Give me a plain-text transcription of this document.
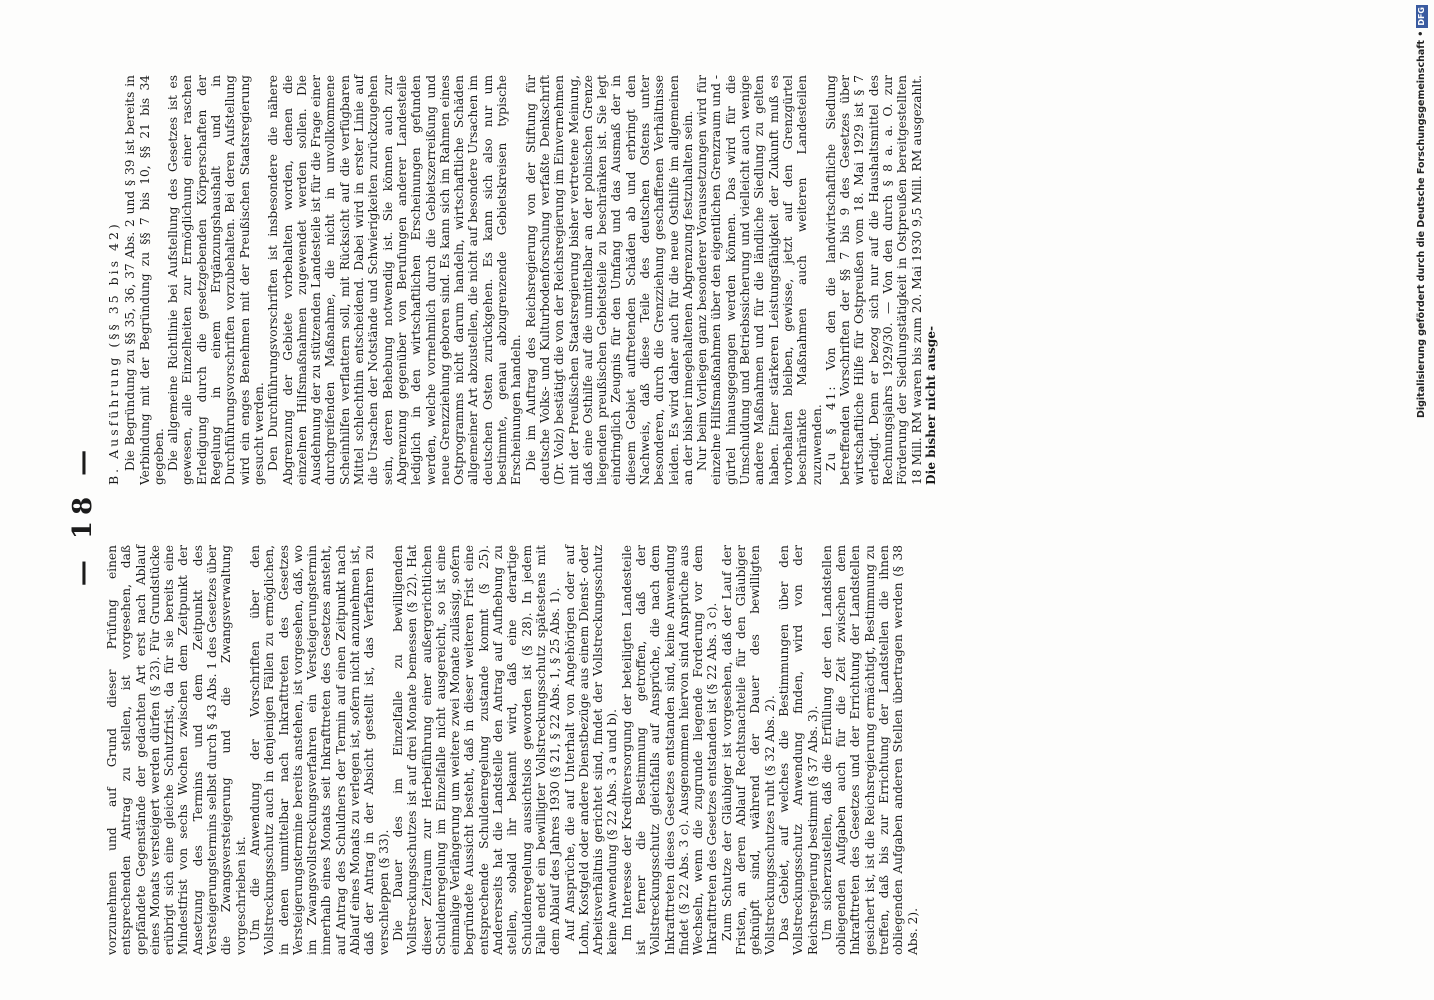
— 18 —

vorzunehmen und auf Grund dieser Prüfung einen entsprechenden Antrag zu stellen, ist vorgesehen, daß gepfändete Gegenstände der gedachten Art erst nach Ablauf eines Monats versteigert werden dürfen (§ 23). Für Grundstücke erübrigt sich eine gleiche Schutzfrist, da für sie bereits eine Mindestfrist von sechs Wochen zwischen dem Zeitpunkt der Ansetzung des Termins und dem Zeitpunkt des Versteigerungstermins selbst durch § 43 Abs. 1 des Gesetzes über die Zwangsversteigerung und die Zwangsverwaltung vorgeschrieben ist. Um die Anwendung der Vorschriften über den Vollstreckungsschutz auch in denjenigen Fällen zu ermöglichen, in denen unmittelbar nach Inkrafttreten des Gesetzes Versteigerungstermine bereits anstehen, ist vorgesehen, daß, wo im Zwangsvollstreckungsverfahren ein Versteigerungstermin innerhalb eines Monats seit Inkrafttreten des Gesetzes ansteht, auf Antrag des Schuldners der Termin auf einen Zeitpunkt nach Ablauf eines Monats zu verlegen ist, sofern nicht anzunehmen ist, daß der Antrag in der Absicht gestellt ist, das Verfahren zu verschleppen (§ 33). Die Dauer des im Einzelfalle zu bewilligenden Vollstreckungsschutzes ist auf drei Monate bemessen (§ 22). Hat dieser Zeitraum zur Herbeiführung einer außergerichtlichen Schuldenregelung im Einzelfalle nicht ausgereicht, so ist eine einmalige Verlängerung um weitere zwei Monate zulässig, sofern begründete Aussicht besteht, daß in dieser weiteren Frist eine entsprechende Schuldenregelung zustande kommt (§ 25). Andererseits hat die Landstelle den Antrag auf Aufhebung zu stellen, sobald ihr bekannt wird, daß eine derartige Schuldenregelung aussichtslos geworden ist (§ 28). In jedem Falle endet ein bewilligter Vollstreckungsschutz spätestens mit dem Ablauf des Jahres 1930 (§ 21, § 22 Abs. 1, § 25 Abs. 1). Auf Ansprüche, die auf Unterhalt von Angehörigen oder auf Lohn, Kostgeld oder andere Dienstbezüge aus einem Dienst- oder Arbeitsverhältnis gerichtet sind, findet der Vollstreckungsschutz keine Anwendung (§ 22 Abs. 3 a und b). Im Interesse der Kreditversorgung der beteiligten Landesteile ist ferner die Bestimmung getroffen, daß der Vollstreckungsschutz gleichfalls auf Ansprüche, die nach dem Inkrafttreten dieses Gesetzes entstanden sind, keine Anwendung findet (§ 22 Abs. 3 c). Ausgenommen hiervon sind Ansprüche aus Wechseln, wenn die zugrunde liegende Forderung vor dem Inkrafttreten des Gesetzes entstanden ist (§ 22 Abs. 3 c). Zum Schutze der Gläubiger ist vorgesehen, daß der Lauf der Fristen, an deren Ablauf Rechtsnachteile für den Gläubiger geknüpft sind, während der Dauer des bewilligten Vollstreckungsschutzes ruht (§ 32 Abs. 2). Das Gebiet, auf welches die Bestimmungen über den Vollstreckungsschutz Anwendung finden, wird von der Reichsregierung bestimmt (§ 37 Abs. 3). Um sicherzustellen, daß die Erfüllung der den Landstellen obliegenden Aufgaben auch für die Zeit zwischen dem Inkrafttreten des Gesetzes und der Errichtung der Landstellen gesichert ist, ist die Reichsregierung ermächtigt, Bestimmung zu treffen, daß bis zur Errichtung der Landstellen die ihnen obliegenden Aufgaben anderen Stellen übertragen werden (§ 38 Abs. 2).

B. Ausführung (§§ 35 bis 42) Die Begründung zu §§ 35, 36, 37 Abs. 2 und § 39 ist bereits in Verbindung mit der Begründung zu §§ 7 bis 10, §§ 21 bis 34 gegeben. Die allgemeine Richtlinie bei Aufstellung des Gesetzes ist es gewesen, alle Einzelheiten zur Ermöglichung einer raschen Erledigung durch die gesetzgebenden Körperschaften der Regelung in einem Ergänzungshaushalt und in Durchführungsvorschriften vorzubehalten. Bei deren Aufstellung wird ein enges Benehmen mit der Preußischen Staatsregierung gesucht werden. Den Durchführungsvorschriften ist insbesondere die nähere Abgrenzung der Gebiete vorbehalten worden, denen die einzelnen Hilfsmaßnahmen zugewendet werden sollen. Die Ausdehnung der zu stützenden Landesteile ist für die Frage einer durchgreifenden Maßnahme, die nicht in unvollkommene Scheinhilfen verflattern soll, mit Rücksicht auf die verfügbaren Mittel schlechthin entscheidend. Dabei wird in erster Linie auf die Ursachen der Notstände und Schwierigkeiten zurückzugehen sein, deren Behebung notwendig ist. Sie können auch zur Abgrenzung gegenüber von Berufungen anderer Landesteile lediglich in den wirtschaftlichen Erscheinungen gefunden werden, welche vornehmlich durch die Gebietszerreißung und neue Grenzziehung geboren sind. Es kann sich im Rahmen eines Ostprogramms nicht darum handeln, wirtschaftliche Schäden allgemeiner Art abzustellen, die nicht auf besondere Ursachen im deutschen Osten zurückgehen. Es kann sich also nur um bestimmte, genau abzugrenzende Gebietskreisen typische Erscheinungen handeln. Die im Auftrag des Reichsregierung von der Stiftung für deutsche Volks- und Kulturbodenforschung verfaßte Denkschrift (Dr. Volz) bestätigt die von der Reichsregierung im Einvernehmen mit der Preußischen Staatsregierung bisher vertretene Meinung, daß eine Osthilfe auf die unmittelbar an der polnischen Grenze liegenden preußischen Gebietsteile zu beschränken ist. Sie legt eindringlich Zeugnis für den Umfang und das Ausmaß der in diesem Gebiet auftretenden Schäden ab und erbringt den Nachweis, daß diese Teile des deutschen Ostens unter besonderen, durch die Grenzziehung geschaffenen Verhältnisse leiden. Es wird daher auch für die neue Osthilfe im allgemeinen an der bisher innegehaltenen Abgrenzung festzuhalten sein. Nur beim Vorliegen ganz besonderer Voraussetzungen wird für einzelne Hilfsmaßnahmen über den eigentlichen Grenzraum und -gürtel hinausgegangen werden können. Das wird für die Umschuldung und Betriebssicherung und vielleicht auch wenige andere Maßnahmen und für die ländliche Siedlung zu gelten haben. Einer stärkeren Leistungsfähigkeit der Zukunft muß es vorbehalten bleiben, gewisse, jetzt auf den Grenzgürtel beschränkte Maßnahmen auch weiteren Landesteilen zuzuwenden. Zu § 41: Von den die landwirtschaftliche Siedlung betreffenden Vorschriften der §§ 7 bis 9 des Gesetzes über wirtschaftliche Hilfe für Ostpreußen vom 18. Mai 1929 ist § 7 erledigt. Denn er bezog sich nur auf die Haushaltsmittel des Rechnungsjahrs 1929/30. — Von den durch § 8 a. a. O. zur Förderung der Siedlungstätigkeit in Ostpreußen bereitgestellten 18 Mill. RM waren bis zum 20. Mai 1930 9,5 Mill. RM ausgezahlt. Die bisher nicht ausge-	Digitalisierung gefördert durch die Deutsche Forschungsgemeinschaft •DFG
